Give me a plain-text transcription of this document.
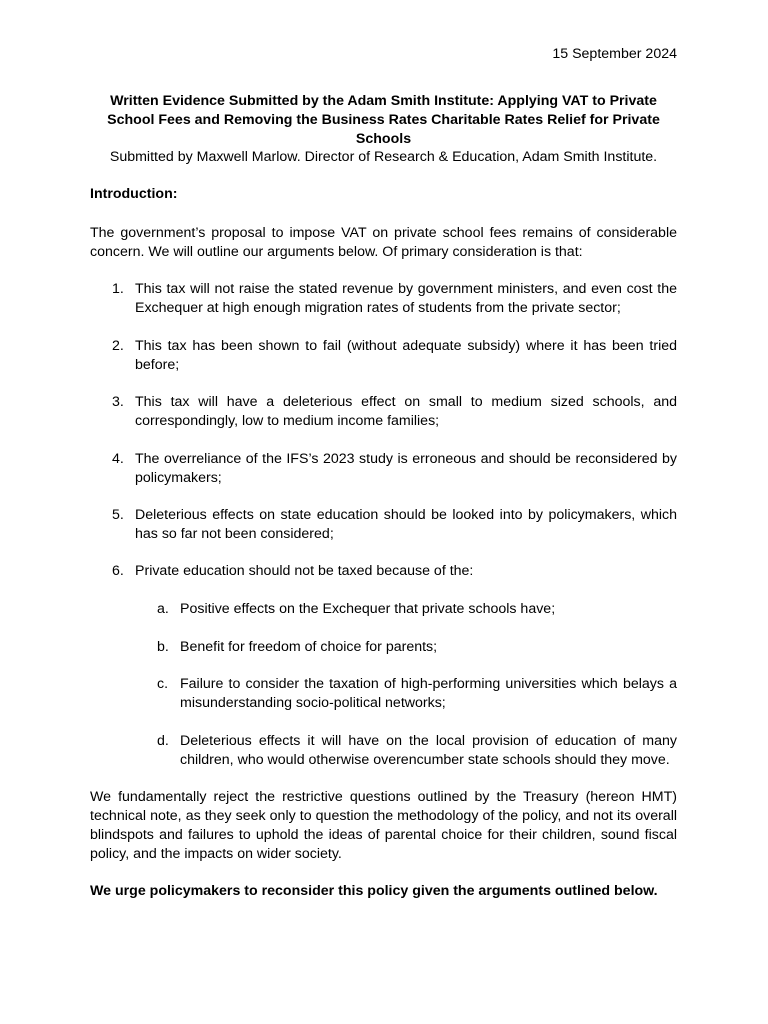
15 September 2024
Written Evidence Submitted by the Adam Smith Institute: Applying VAT to Private School Fees and Removing the Business Rates Charitable Rates Relief for Private Schools
Submitted by Maxwell Marlow. Director of Research & Education, Adam Smith Institute.
Introduction:
The government’s proposal to impose VAT on private school fees remains of considerable concern. We will outline our arguments below. Of primary consideration is that:
1. This tax will not raise the stated revenue by government ministers, and even cost the Exchequer at high enough migration rates of students from the private sector;
2. This tax has been shown to fail (without adequate subsidy) where it has been tried before;
3. This tax will have a deleterious effect on small to medium sized schools, and correspondingly, low to medium income families;
4. The overreliance of the IFS’s 2023 study is erroneous and should be reconsidered by policymakers;
5. Deleterious effects on state education should be looked into by policymakers, which has so far not been considered;
6. Private education should not be taxed because of the:
a. Positive effects on the Exchequer that private schools have;
b. Benefit for freedom of choice for parents;
c. Failure to consider the taxation of high-performing universities which belays a misunderstanding socio-political networks;
d. Deleterious effects it will have on the local provision of education of many children, who would otherwise overencumber state schools should they move.
We fundamentally reject the restrictive questions outlined by the Treasury (hereon HMT) technical note, as they seek only to question the methodology of the policy, and not its overall blindspots and failures to uphold the ideas of parental choice for their children, sound fiscal policy, and the impacts on wider society.
We urge policymakers to reconsider this policy given the arguments outlined below.
